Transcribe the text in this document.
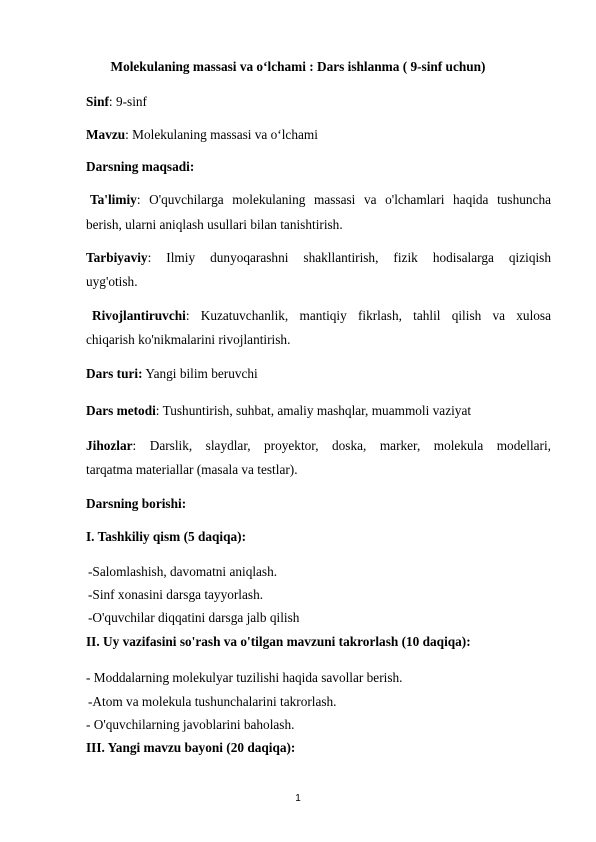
Molekulaning massasi va o‘lchami : Dars ishlanma ( 9-sinf uchun)
Sinf: 9-sinf
Mavzu: Molekulaning massasi va o‘lchami
Darsning maqsadi:
Ta'limiy: O'quvchilarga molekulaning massasi va o'lchamlari haqida tushuncha
berish, ularni aniqlash usullari bilan tanishtirish.
Tarbiyaviy: Ilmiy dunyoqarashni shakllantirish, fizik hodisalarga qiziqish
uyg'otish.
Rivojlantiruvchi: Kuzatuvchanlik, mantiqiy fikrlash, tahlil qilish va xulosa
chiqarish ko'nikmalarini rivojlantirish.
Dars turi: Yangi bilim beruvchi
Dars metodi: Tushuntirish, suhbat, amaliy mashqlar, muammoli vaziyat
Jihozlar: Darslik, slaydlar, proyektor, doska, marker, molekula modellari,
tarqatma materiallar (masala va testlar).
Darsning borishi:
I. Tashkiliy qism (5 daqiqa):
-Salomlashish, davomatni aniqlash.
-Sinf xonasini darsga tayyorlash.
-O'quvchilar diqqatini darsga jalb qilish
II. Uy vazifasini so'rash va o'tilgan mavzuni takrorlash (10 daqiqa):
- Moddalarning molekulyar tuzilishi haqida savollar berish.
-Atom va molekula tushunchalarini takrorlash.
- O'quvchilarning javoblarini baholash.
III. Yangi mavzu bayoni (20 daqiqa):
1
